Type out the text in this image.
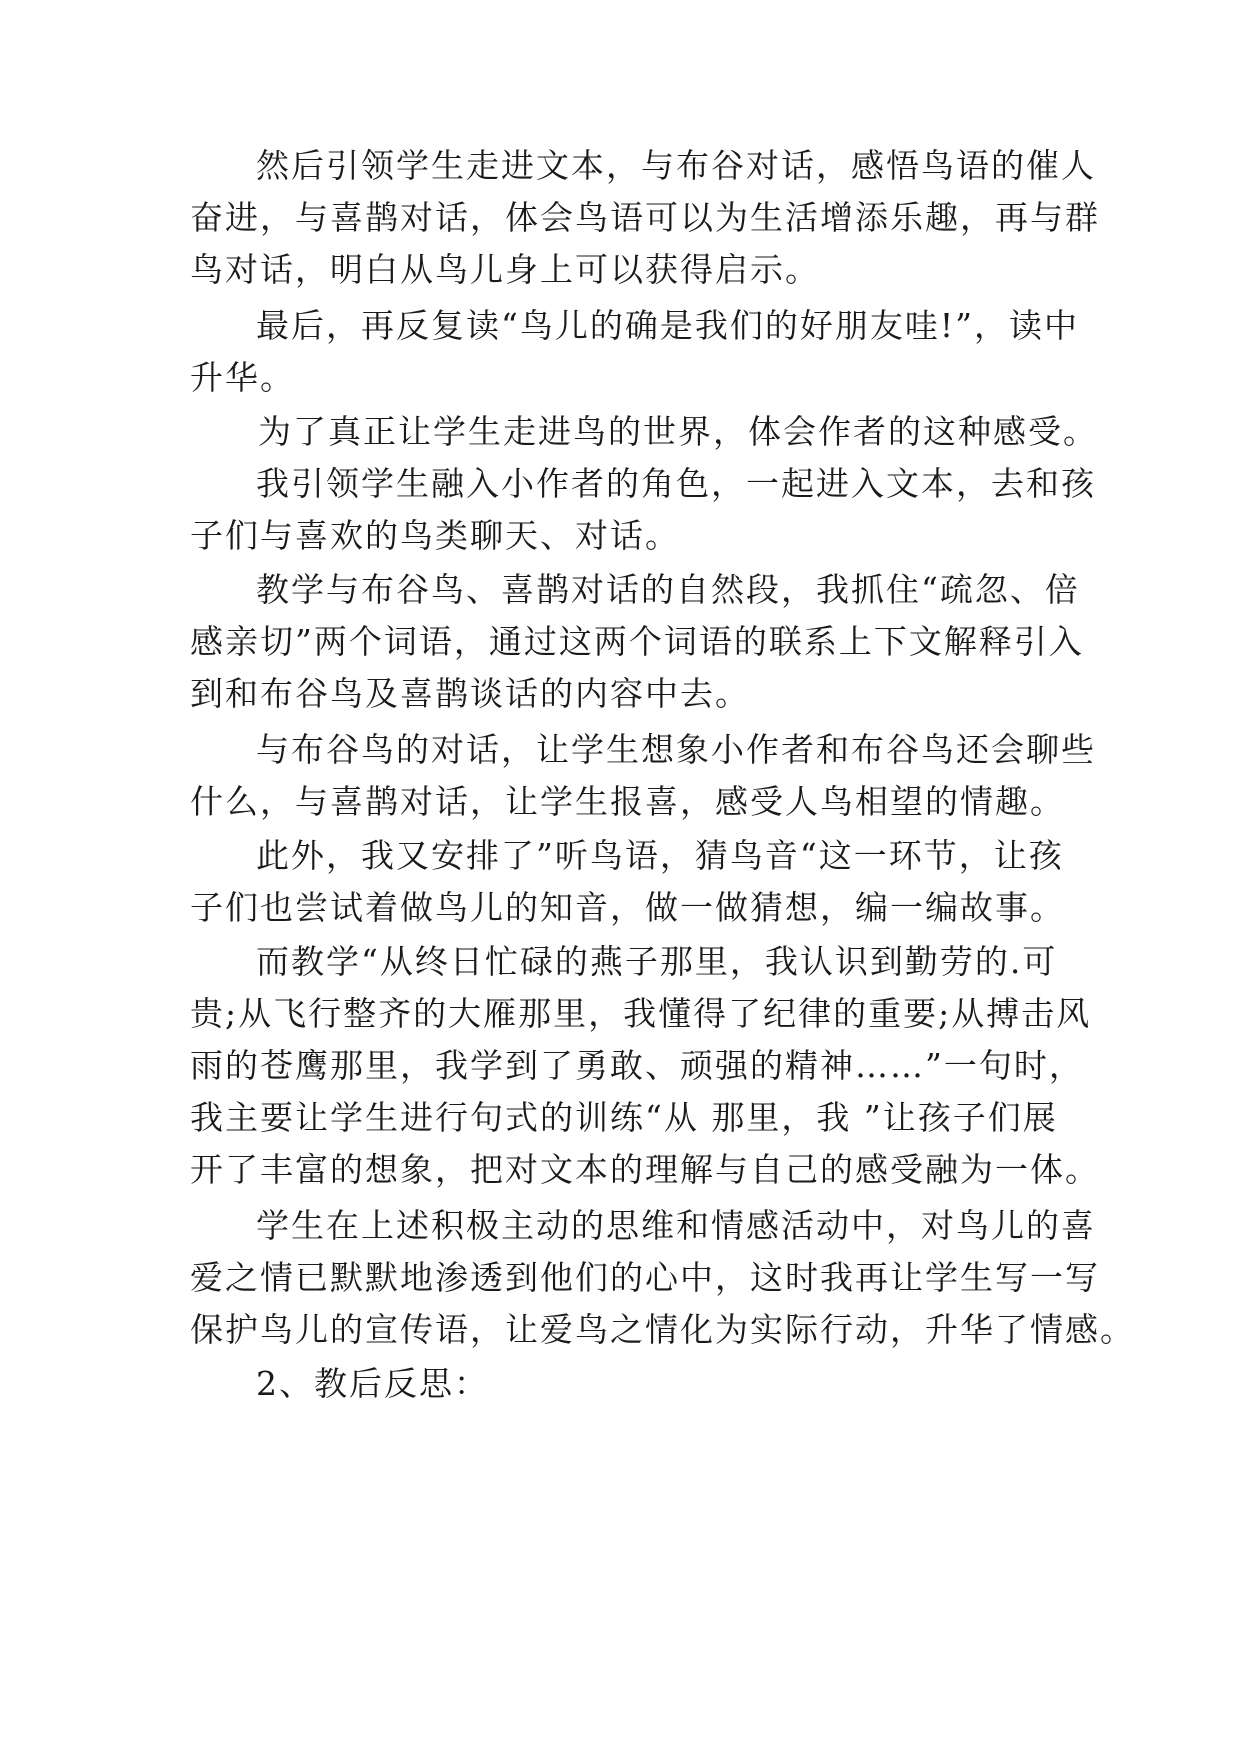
然后引领学生走进文本，与布谷对话，感悟鸟语的催人
奋进，与喜鹊对话，体会鸟语可以为生活增添乐趣，再与群
鸟对话，明白从鸟儿身上可以获得启示。
最后，再反复读“鸟儿的确是我们的好朋友哇!”，读中
升华。
为了真正让学生走进鸟的世界，体会作者的这种感受。
我引领学生融入小作者的角色，一起进入文本，去和孩
子们与喜欢的鸟类聊天、对话。
教学与布谷鸟、喜鹊对话的自然段，我抓住“疏忽、倍
感亲切”两个词语，通过这两个词语的联系上下文解释引入
到和布谷鸟及喜鹊谈话的内容中去。
与布谷鸟的对话，让学生想象小作者和布谷鸟还会聊些
什么，与喜鹊对话，让学生报喜，感受人鸟相望的情趣。
此外，我又安排了”听鸟语，猜鸟音“这一环节，让孩
子们也尝试着做鸟儿的知音，做一做猜想，编一编故事。
而教学“从终日忙碌的燕子那里，我认识到勤劳的.可
贵;从飞行整齐的大雁那里，我懂得了纪律的重要;从搏击风
雨的苍鹰那里，我学到了勇敢、顽强的精神……”一句时，
我主要让学生进行句式的训练“从 那里，我 ”让孩子们展
开了丰富的想象，把对文本的理解与自己的感受融为一体。
学生在上述积极主动的思维和情感活动中，对鸟儿的喜
爱之情已默默地渗透到他们的心中，这时我再让学生写一写
保护鸟儿的宣传语，让爱鸟之情化为实际行动，升华了情感。
2、教后反思：
